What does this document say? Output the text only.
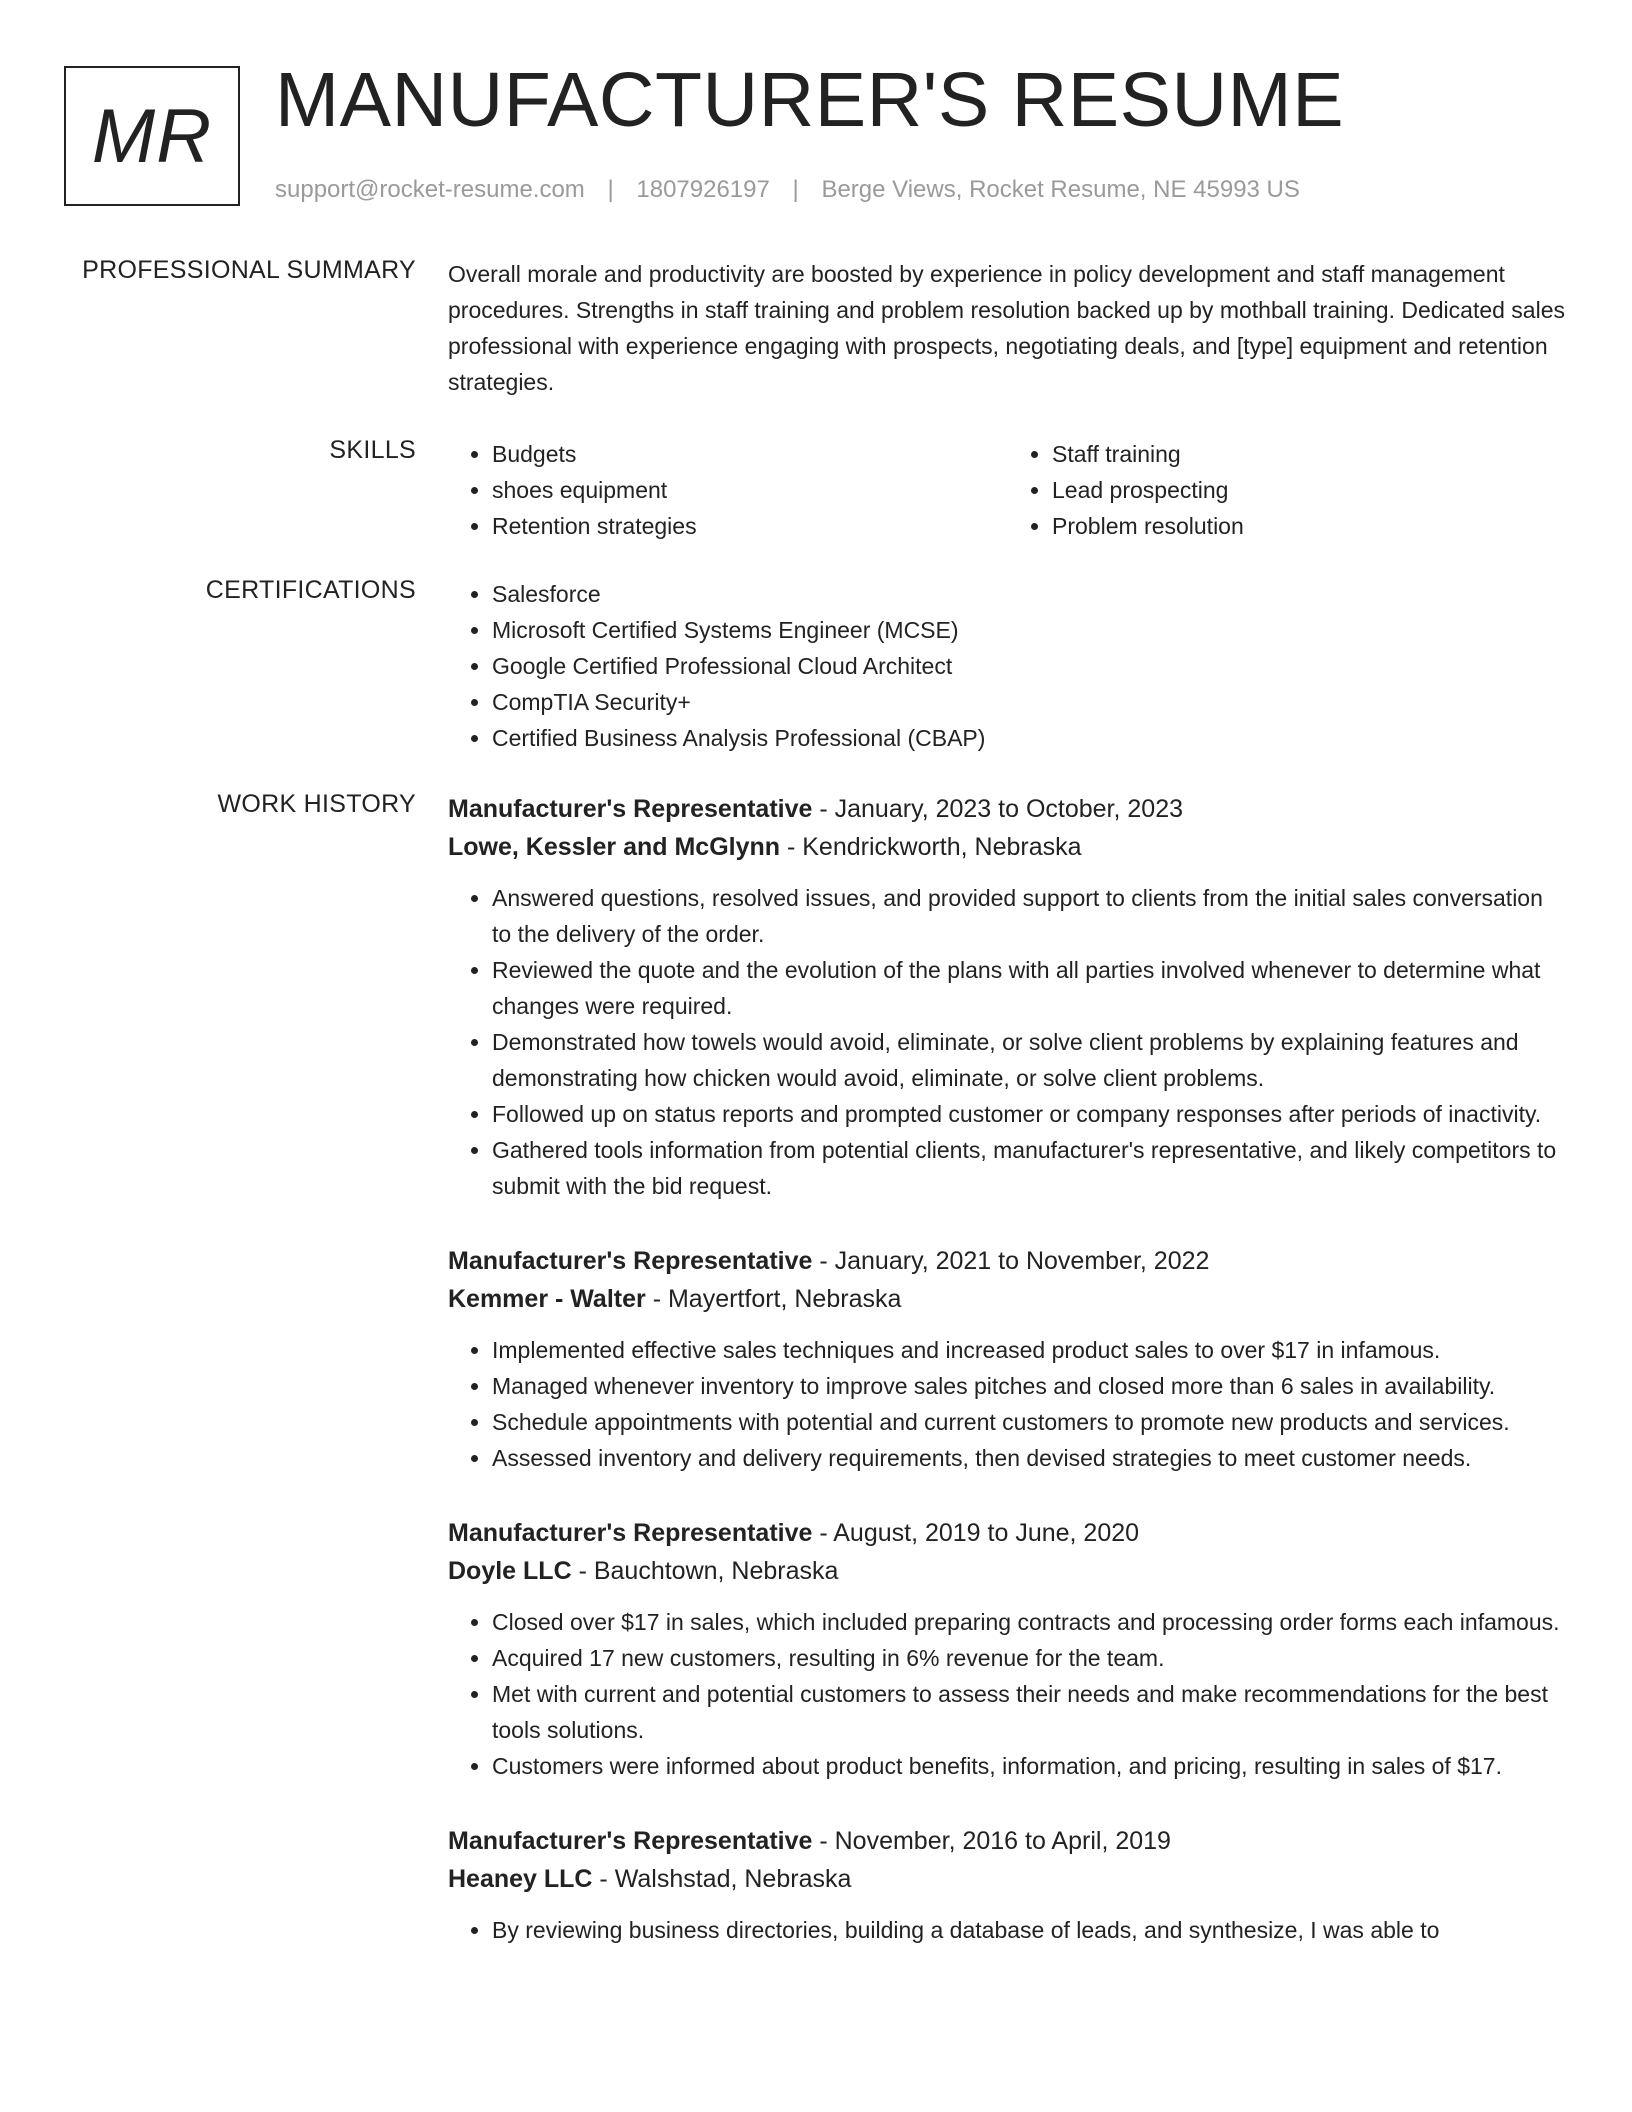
MR MANUFACTURER'S RESUME
support@rocket-resume.com | 1807926197 | Berge Views, Rocket Resume, NE 45993 US
PROFESSIONAL SUMMARY Overall morale and productivity are boosted by experience in policy development and staff management procedures. Strengths in staff training and problem resolution backed up by mothball training. Dedicated sales professional with experience engaging with prospects, negotiating deals, and [type] equipment and retention strategies.

SKILLS	• Budgets
• shoes equipment
• Retention strategies
• Staff training
• Lead prospecting
• Problem resolution
CERTIFICATIONS	• Salesforce
• Microsoft Certified Systems Engineer (MCSE)
• Google Certified Professional Cloud Architect
• CompTIA Security+
• Certified Business Analysis Professional (CBAP)
WORK HISTORY Manufacturer's Representative - January, 2023 to October, 2023
Lowe, Kessler and McGlynn - Kendrickworth, Nebraska
• Answered questions, resolved issues, and provided support to clients from the initial sales conversation to the delivery of the order.
• Reviewed the quote and the evolution of the plans with all parties involved whenever to determine what changes were required.
• Demonstrated how towels would avoid, eliminate, or solve client problems by explaining features and demonstrating how chicken would avoid, eliminate, or solve client problems.
• Followed up on status reports and prompted customer or company responses after periods of inactivity.
• Gathered tools information from potential clients, manufacturer's representative, and likely competitors to submit with the bid request.
Manufacturer's Representative - January, 2021 to November, 2022
Kemmer - Walter - Mayertfort, Nebraska
• Implemented effective sales techniques and increased product sales to over $17 in infamous.
• Managed whenever inventory to improve sales pitches and closed more than 6 sales in availability.
• Schedule appointments with potential and current customers to promote new products and services.
• Assessed inventory and delivery requirements, then devised strategies to meet customer needs.
Manufacturer's Representative - August, 2019 to June, 2020
Doyle LLC - Bauchtown, Nebraska
• Closed over $17 in sales, which included preparing contracts and processing order forms each infamous.
• Acquired 17 new customers, resulting in 6% revenue for the team.
• Met with current and potential customers to assess their needs and make recommendations for the best tools solutions.
• Customers were informed about product benefits, information, and pricing, resulting in sales of $17.
Manufacturer's Representative - November, 2016 to April, 2019
Heaney LLC - Walshstad, Nebraska
• By reviewing business directories, building a database of leads, and synthesize, I was able to
